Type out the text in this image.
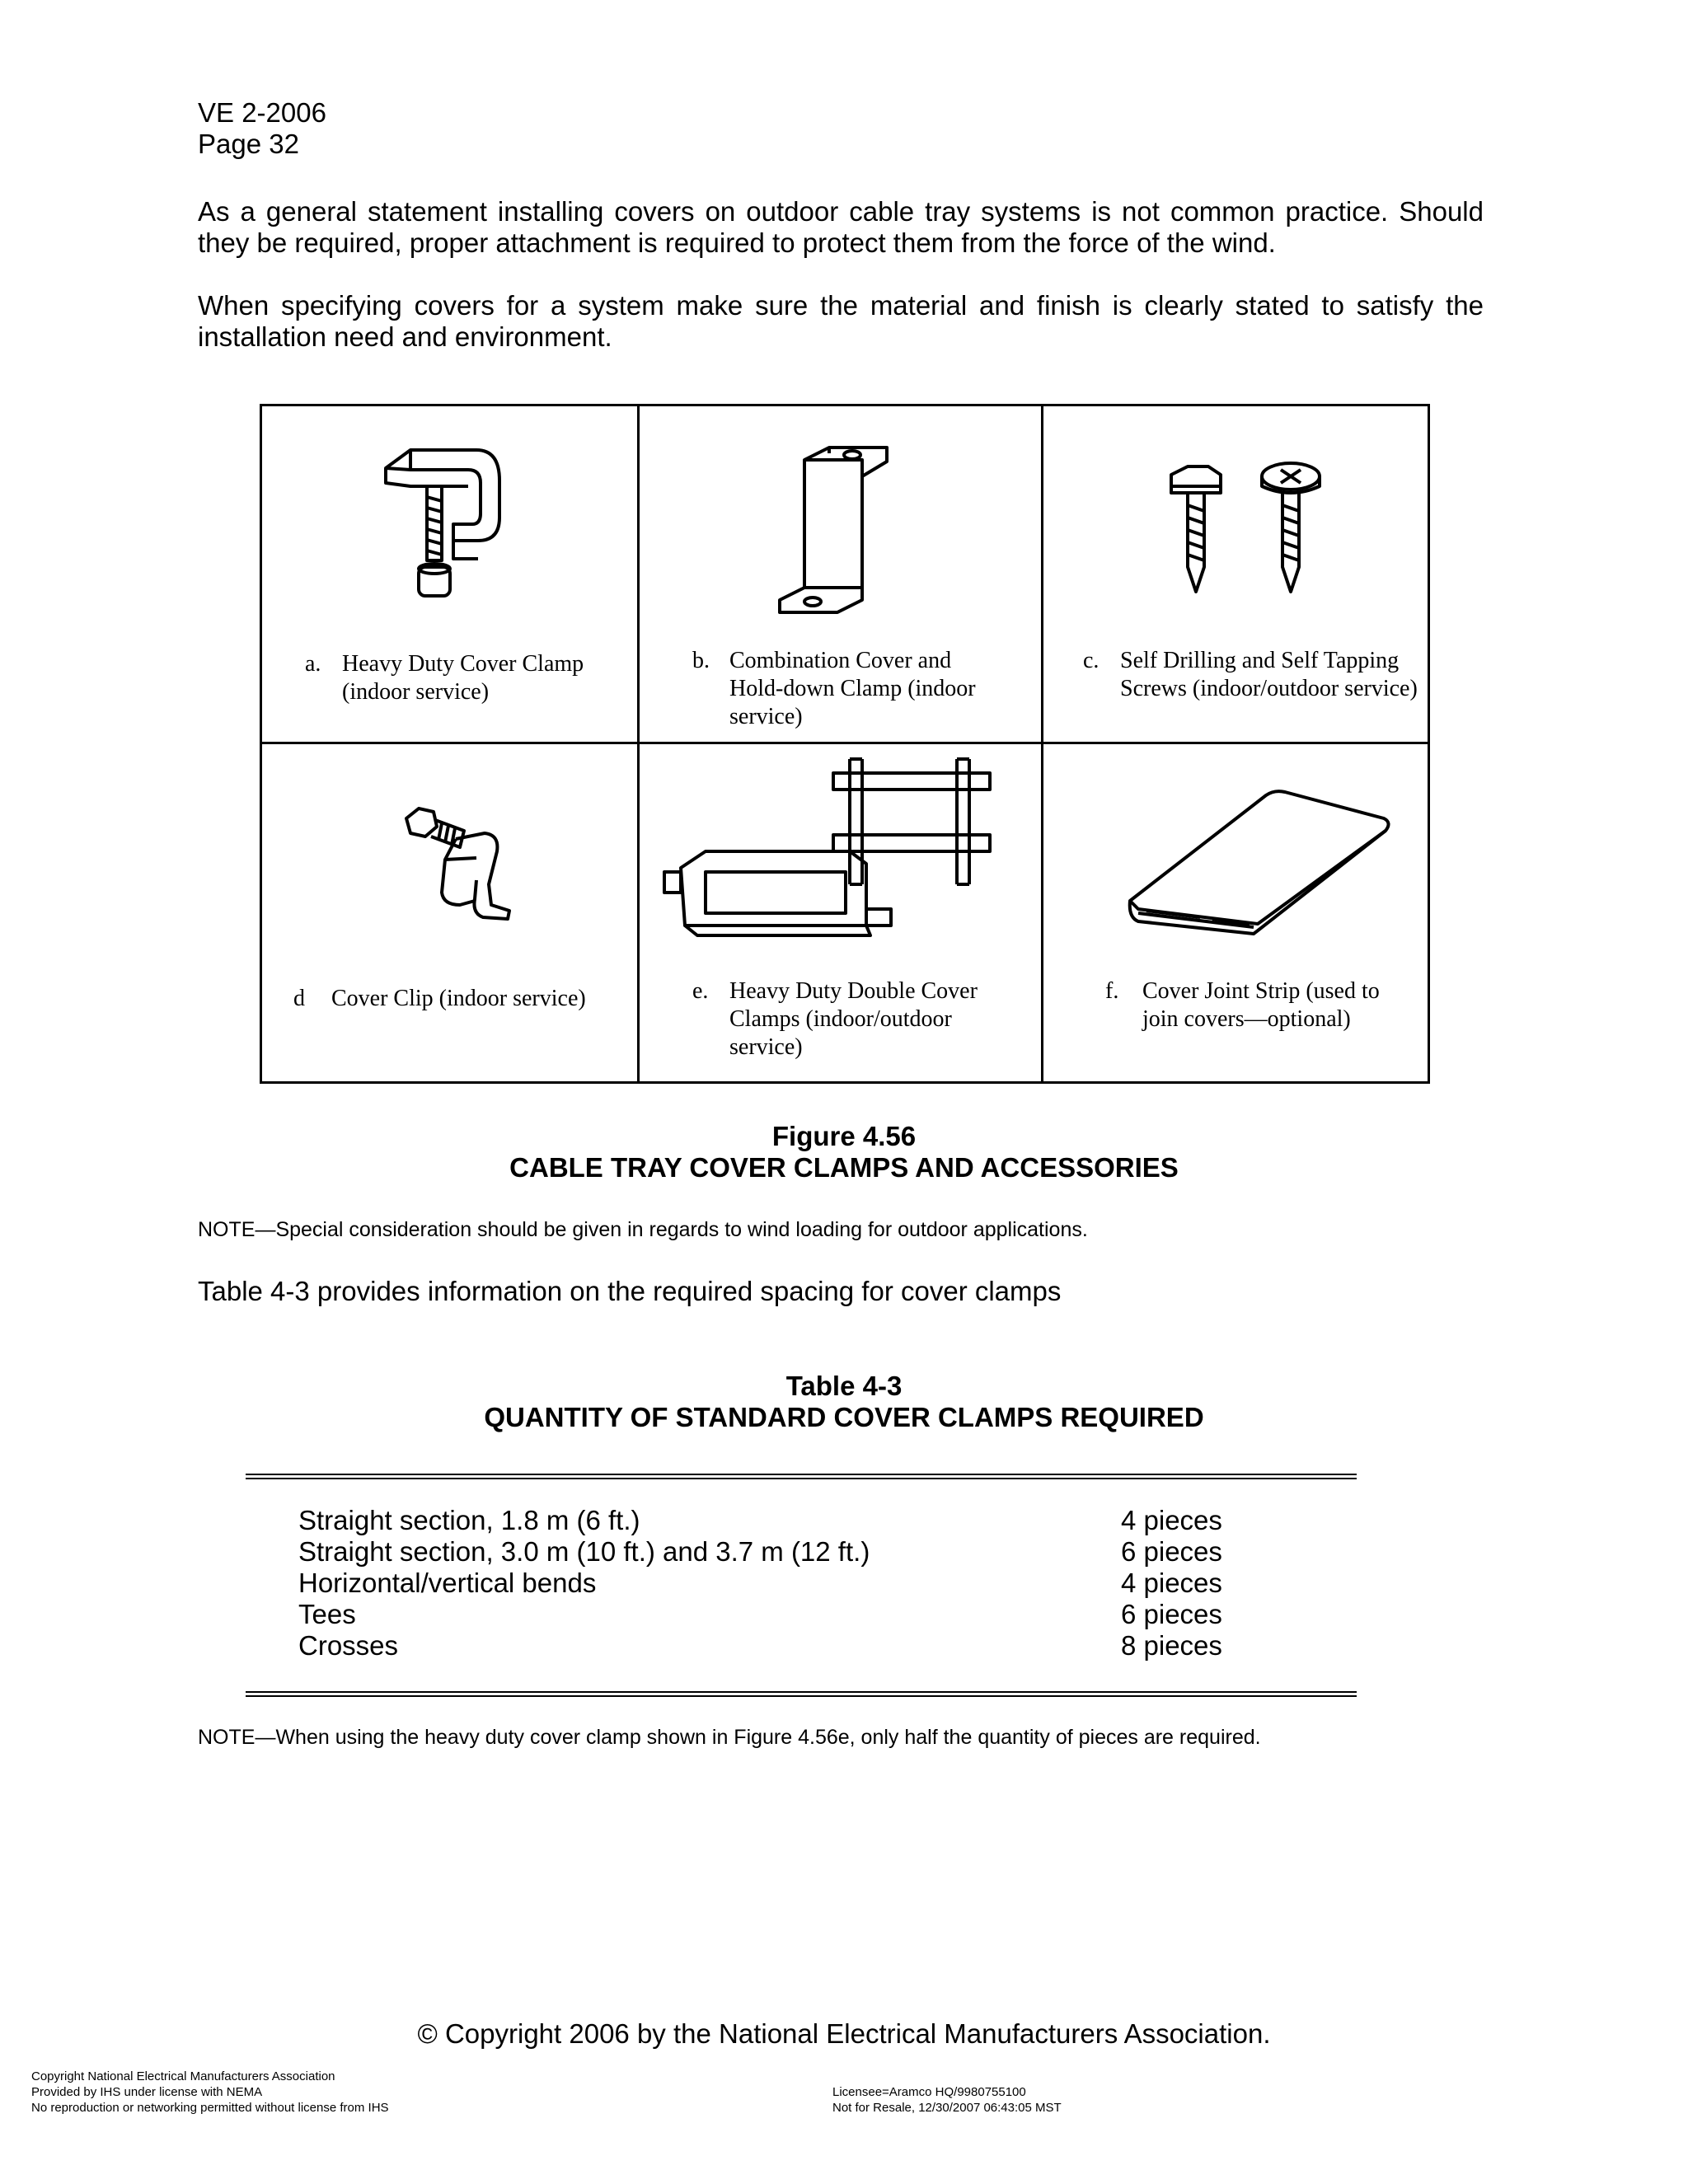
VE 2-2006
Page 32

As a general statement installing covers on outdoor cable tray systems is not common practice. Should they be required, proper attachment is required to protect them from the force of the wind.

When specifying covers for a system make sure the material and finish is clearly stated to satisfy the installation need and environment.

a. Heavy Duty Cover Clamp
(indoor service)
b. Combination Cover and
Hold-down Clamp (indoor
service)
c. Self Drilling and Self Tapping
Screws (indoor/outdoor service)
d Cover Clip (indoor service)	e. Heavy Duty Double Cover
Clamps (indoor/outdoor
service)
f. Cover Joint Strip (used to
join covers—optional)
Figure 4.56
CABLE TRAY COVER CLAMPS AND ACCESSORIES
NOTE—Special consideration should be given in regards to wind loading for outdoor applications.
Table 4-3 provides information on the required spacing for cover clamps
Table 4-3
QUANTITY OF STANDARD COVER CLAMPS REQUIRED
Straight section, 1.8 m (6 ft.)	4 pieces
Straight section, 3.0 m (10 ft.) and 3.7 m (12 ft.)	6 pieces
Horizontal/vertical bends	4 pieces
Tees	6 pieces
Crosses	8 pieces
NOTE—When using the heavy duty cover clamp shown in Figure 4.56e, only half the quantity of pieces are required.
© Copyright 2006 by the National Electrical Manufacturers Association.
Copyright National Electrical Manufacturers Association
Provided by IHS under license with NEMA
No reproduction or networking permitted without license from IHS
Licensee=Aramco HQ/9980755100
Not for Resale, 12/30/2007 06:43:05 MST
